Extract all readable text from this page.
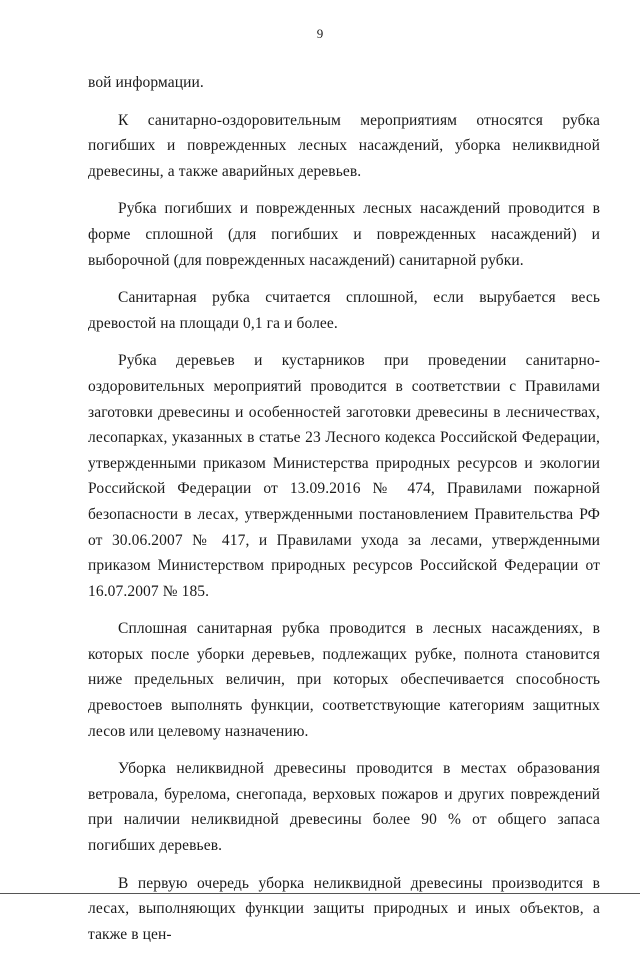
9

вой информации.

К санитарно-оздоровительным мероприятиям относятся рубка погибших и поврежденных лесных насаждений, уборка неликвидной древесины, а также аварийных деревьев.

Рубка погибших и поврежденных лесных насаждений проводится в форме сплошной (для погибших и поврежденных насаждений) и выборочной (для поврежденных насаждений) санитарной рубки.

Санитарная рубка считается сплошной, если вырубается весь древостой на площади 0,1 га и более.

Рубка деревьев и кустарников при проведении санитарно-оздоровительных мероприятий проводится в соответствии с Правилами заготовки древесины и особенностей заготовки древесины в лесничествах, лесопарках, указанных в статье 23 Лесного кодекса Российской Федерации, утвержденными приказом Министерства природных ресурсов и экологии Российской Федерации от 13.09.2016 № 474, Правилами пожарной безопасности в лесах, утвержденными постановлением Правительства РФ от 30.06.2007 № 417, и Правилами ухода за лесами, утвержденными приказом Министерством природных ресурсов Российской Федерации от 16.07.2007 № 185.

Сплошная санитарная рубка проводится в лесных насаждениях, в которых после уборки деревьев, подлежащих рубке, полнота становится ниже предельных величин, при которых обеспечивается способность древостоев выполнять функции, соответствующие категориям защитных лесов или целевому назначению.

Уборка неликвидной древесины проводится в местах образования ветровала, бурелома, снегопада, верховых пожаров и других повреждений при наличии неликвидной древесины более 90 % от общего запаса погибших деревьев.

В первую очередь уборка неликвидной древесины производится в лесах, выполняющих функции защиты природных и иных объектов, а также в цен-
